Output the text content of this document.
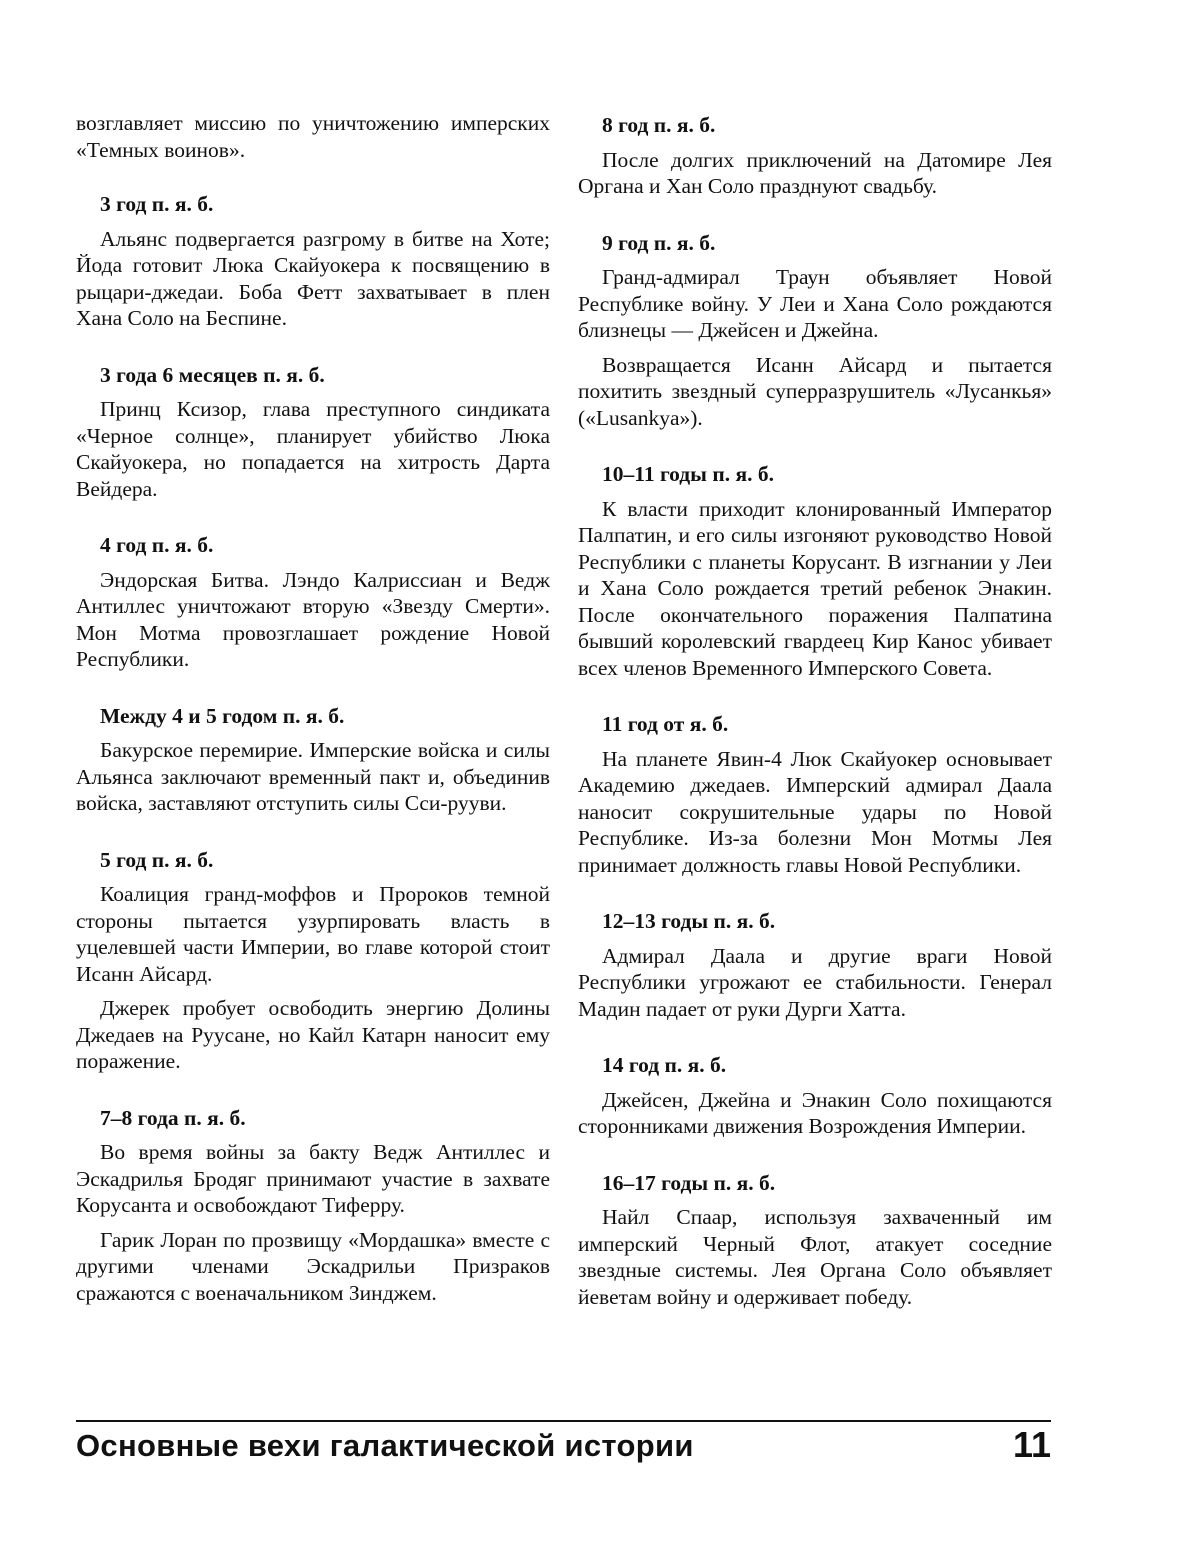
возглавляет миссию по уничтожению имперских «Темных воинов».

3 год п. я. б.

Альянс подвергается разгрому в битве на Хоте; Йода готовит Люка Скайуокера к посвящению в рыцари-джедаи. Боба Фетт захватывает в плен Хана Соло на Беспине.

3 года 6 месяцев п. я. б.

Принц Ксизор, глава преступного синдиката «Черное солнце», планирует убийство Люка Скайуокера, но попадается на хитрость Дарта Вейдера.

4 год п. я. б.

Эндорская Битва. Лэндо Калриссиан и Ведж Антиллес уничтожают вторую «Звезду Смерти». Мон Мотма провозглашает рождение Новой Республики.

Между 4 и 5 годом п. я. б.

Бакурское перемирие. Имперские войска и силы Альянса заключают временный пакт и, объединив войска, заставляют отступить силы Сси-рууви.

5 год п. я. б.

Коалиция гранд-моффов и Пророков темной стороны пытается узурпировать власть в уцелевшей части Империи, во главе которой стоит Исанн Айсард.

Джерек пробует освободить энергию Долины Джедаев на Руусане, но Кайл Катарн наносит ему поражение.

7–8 года п. я. б.

Во время войны за бакту Ведж Антиллес и Эскадрилья Бродяг принимают участие в захвате Корусанта и освобождают Тиферру.

Гарик Лоран по прозвищу «Мордашка» вместе с другими членами Эскадрильи Призраков сражаются с военачальником Зинджем.

8 год п. я. б.

После долгих приключений на Датомире Лея Органа и Хан Соло празднуют свадьбу.

9 год п. я. б.

Гранд-адмирал Траун объявляет Новой Республике войну. У Леи и Хана Соло рождаются близнецы — Джейсен и Джейна.

Возвращается Исанн Айсард и пытается похитить звездный суперразрушитель «Лусанкья» («Lusankya»).

10–11 годы п. я. б.

К власти приходит клонированный Император Палпатин, и его силы изгоняют руководство Новой Республики с планеты Корусант. В изгнании у Леи и Хана Соло рождается третий ребенок Энакин. После окончательного поражения Палпатина бывший королевский гвардеец Кир Канос убивает всех членов Временного Имперского Совета.

11 год от я. б.

На планете Явин-4 Люк Скайуокер основывает Академию джедаев. Имперский адмирал Даала наносит сокрушительные удары по Новой Республике. Из-за болезни Мон Мотмы Лея принимает должность главы Новой Республики.

12–13 годы п. я. б.

Адмирал Даала и другие враги Новой Республики угрожают ее стабильности. Генерал Мадин падает от руки Дурги Хатта.

14 год п. я. б.

Джейсен, Джейна и Энакин Соло похищаются сторонниками движения Возрождения Империи.

16–17 годы п. я. б.

Найл Спаар, используя захваченный им имперский Черный Флот, атакует соседние звездные системы. Лея Органа Соло объявляет йеветам войну и одерживает победу.

Основные вехи галактической истории	11
